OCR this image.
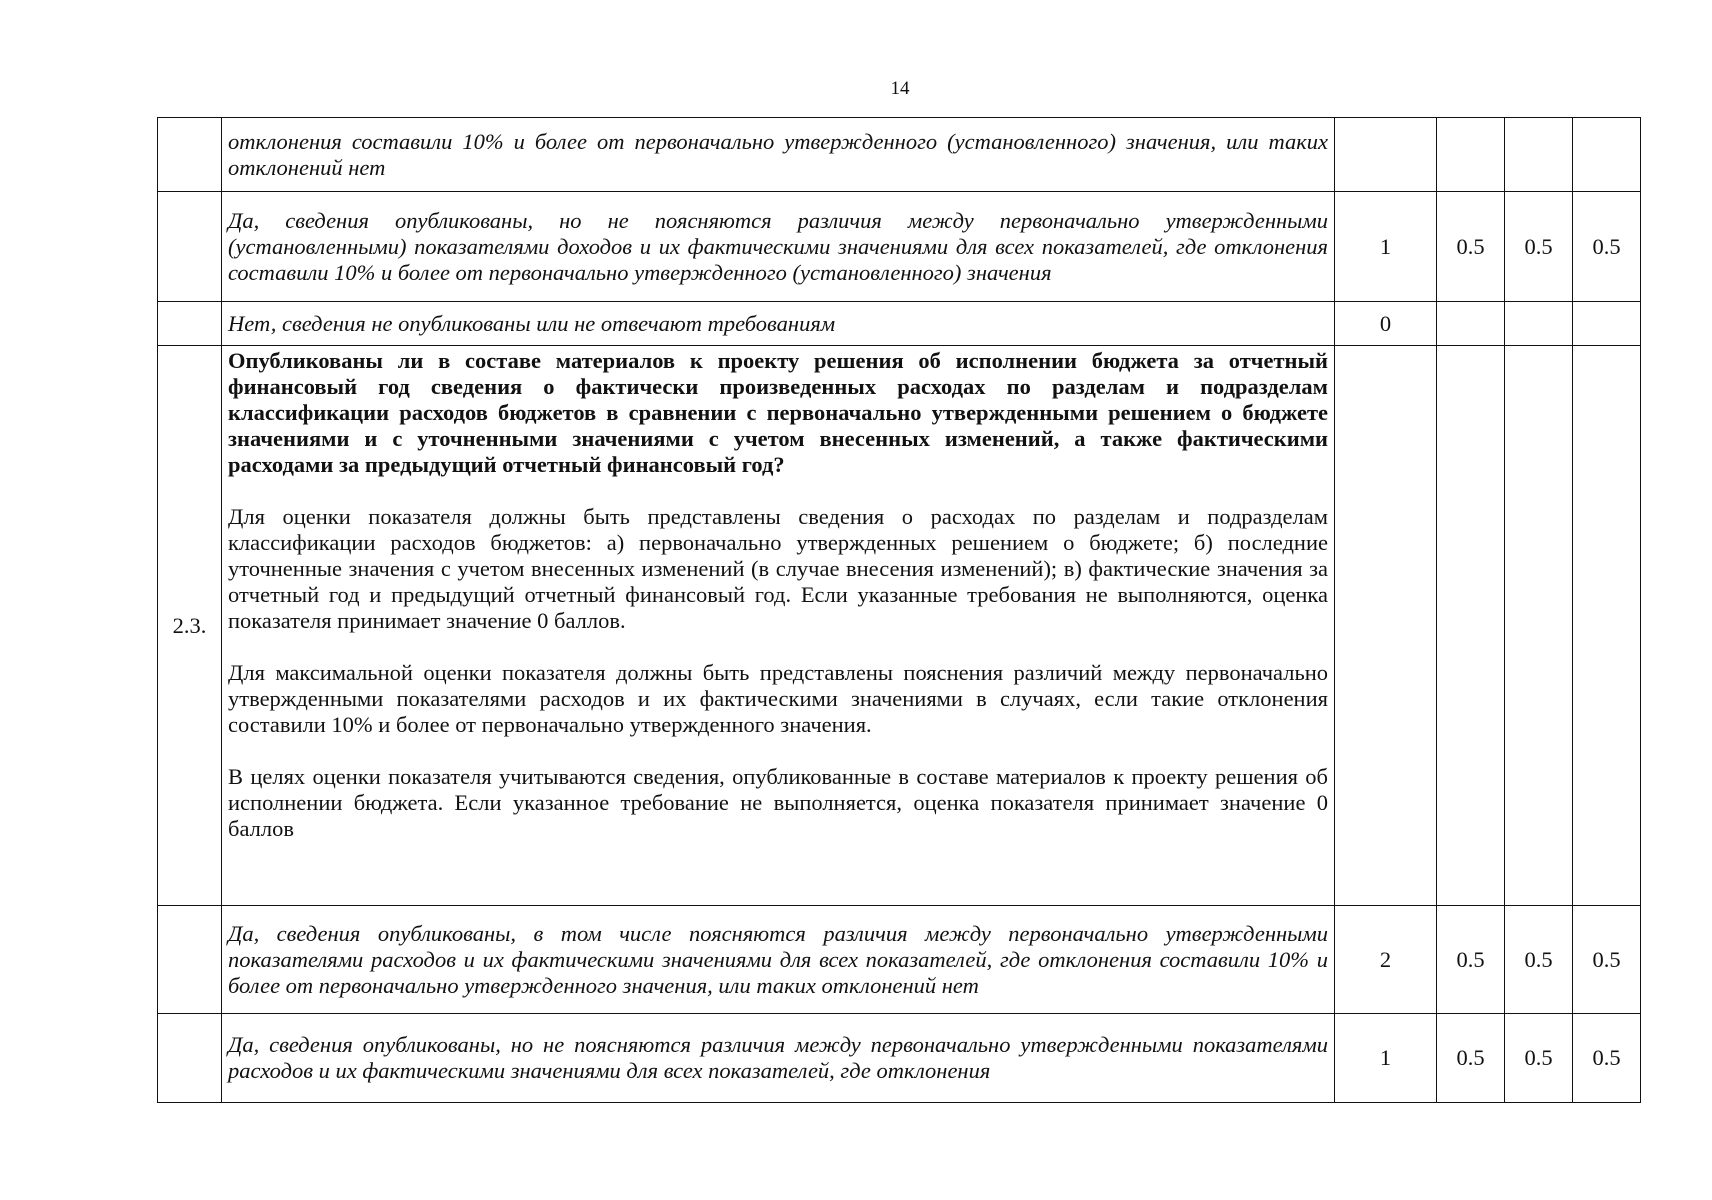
14
	отклонения составили 10% и более от первоначально утвержденного (установленного) значения, или таких отклонений нет				
	Да, сведения опубликованы, но не поясняются различия между первоначально утвержденными (установленными) показателями доходов и их фактическими значениями для всех показателей, где отклонения составили 10% и более от первоначально утвержденного (установленного) значения	1	0.5	0.5	0.5
	Нет, сведения не опубликованы или не отвечают требованиям	0			
2.3.	Опубликованы ли в составе материалов к проекту решения об исполнении бюджета за отчетный финансовый год сведения о фактически произведенных расходах по разделам и подразделам классификации расходов бюджетов в сравнении с первоначально утвержденными решением о бюджете значениями и с уточненными значениями с учетом внесенных изменений, а также фактическими расходами за предыдущий отчетный финансовый год?

Для оценки показателя должны быть представлены сведения о расходах по разделам и подразделам классификации расходов бюджетов: а) первоначально утвержденных решением о бюджете; б) последние уточненные значения с учетом внесенных изменений (в случае внесения изменений); в) фактические значения за отчетный год и предыдущий отчетный финансовый год. Если указанные требования не выполняются, оценка показателя принимает значение 0 баллов.

Для максимальной оценки показателя должны быть представлены пояснения различий между первоначально утвержденными показателями расходов и их фактическими значениями в случаях, если такие отклонения составили 10% и более от первоначально утвержденного значения.

В целях оценки показателя учитываются сведения, опубликованные в составе материалов к проекту решения об исполнении бюджета. Если указанное требование не выполняется, оценка показателя принимает значение 0 баллов				

	Да, сведения опубликованы, в том числе поясняются различия между первоначально утвержденными показателями расходов и их фактическими значениями для всех показателей, где отклонения составили 10% и более от первоначально утвержденного значения, или таких отклонений нет	2	0.5	0.5	0.5
	Да, сведения опубликованы, но не поясняются различия между первоначально утвержденными показателями расходов и их фактическими значениями для всех показателей, где отклонения	1	0.5	0.5	0.5
